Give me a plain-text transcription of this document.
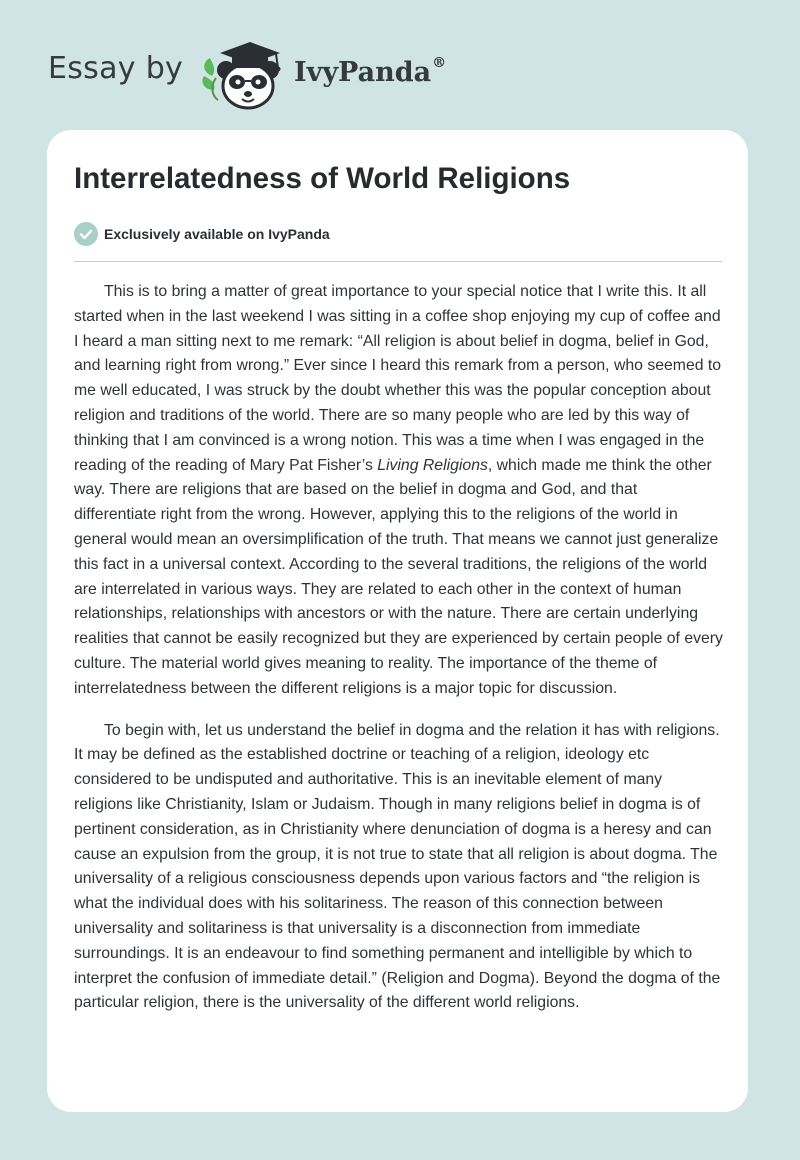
Essay by	IvyPanda®
Interrelatedness of World Religions
Exclusively available on IvyPanda

This is to bring a matter of great importance to your special notice that I write this. It all started when in the last weekend I was sitting in a coffee shop enjoying my cup of coffee and I heard a man sitting next to me remark: “All religion is about belief in dogma, belief in God, and learning right from wrong.” Ever since I heard this remark from a person, who seemed to me well educated, I was struck by the doubt whether this was the popular conception about religion and traditions of the world. There are so many people who are led by this way of thinking that I am convinced is a wrong notion. This was a time when I was engaged in the reading of the reading of Mary Pat Fisher’s Living Religions, which made me think the other way. There are religions that are based on the belief in dogma and God, and that differentiate right from the wrong. However, applying this to the religions of the world in general would mean an oversimplification of the truth. That means we cannot just generalize this fact in a universal context. According to the several traditions, the religions of the world are interrelated in various ways. They are related to each other in the context of human relationships, relationships with ancestors or with the nature. There are certain underlying realities that cannot be easily recognized but they are experienced by certain people of every culture. The material world gives meaning to reality. The importance of the theme of interrelatedness between the different religions is a major topic for discussion.

To begin with, let us understand the belief in dogma and the relation it has with religions. It may be defined as the established doctrine or teaching of a religion, ideology etc considered to be undisputed and authoritative. This is an inevitable element of many religions like Christianity, Islam or Judaism. Though in many religions belief in dogma is of pertinent consideration, as in Christianity where denunciation of dogma is a heresy and can cause an expulsion from the group, it is not true to state that all religion is about dogma. The universality of a religious consciousness depends upon various factors and “the religion is what the individual does with his solitariness. The reason of this connection between universality and solitariness is that universality is a disconnection from immediate surroundings. It is an endeavour to find something permanent and intelligible by which to interpret the confusion of immediate detail.” (Religion and Dogma). Beyond the dogma of the particular religion, there is the universality of the different world religions.
